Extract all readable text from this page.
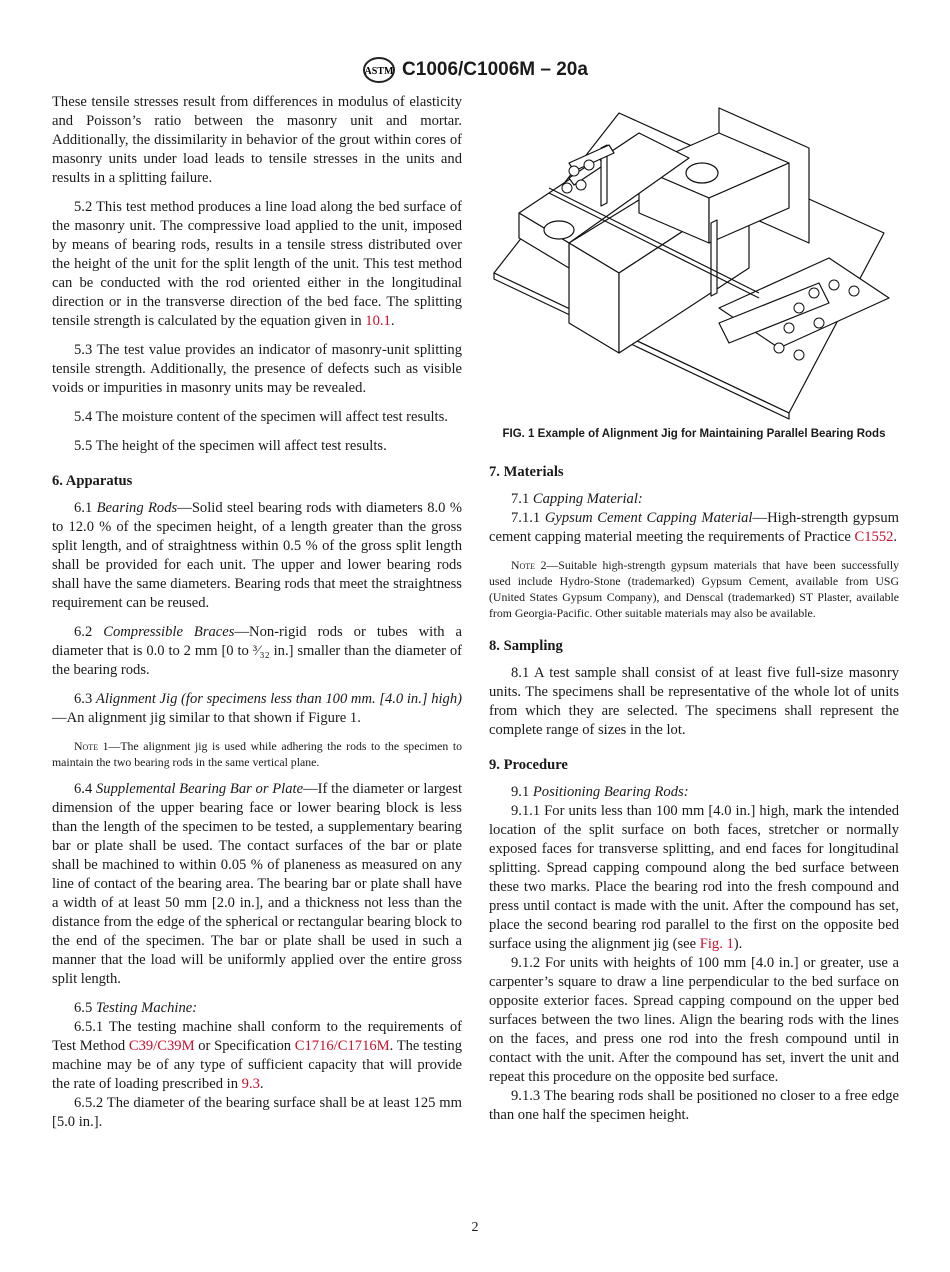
ASTM C1006/C1006M – 20a
These tensile stresses result from differences in modulus of elasticity and Poisson’s ratio between the masonry unit and mortar. Additionally, the dissimilarity in behavior of the grout within cores of masonry units under load leads to tensile stresses in the units and results in a splitting failure.
5.2 This test method produces a line load along the bed surface of the masonry unit. The compressive load applied to the unit, imposed by means of bearing rods, results in a tensile stress distributed over the height of the unit for the split length of the unit. This test method can be conducted with the rod oriented either in the longitudinal direction or in the transverse direction of the bed face. The splitting tensile strength is calculated by the equation given in 10.1.
5.3 The test value provides an indicator of masonry-unit splitting tensile strength. Additionally, the presence of defects such as visible voids or impurities in masonry units may be revealed.
5.4 The moisture content of the specimen will affect test results.
5.5 The height of the specimen will affect test results.
6. Apparatus
6.1 Bearing Rods—Solid steel bearing rods with diameters 8.0 % to 12.0 % of the specimen height, of a length greater than the gross split length, and of straightness within 0.5 % of the gross split length shall be provided for each unit. The upper and lower bearing rods shall have the same diameters. Bearing rods that meet the straightness requirement can be reused.
6.2 Compressible Braces—Non-rigid rods or tubes with a diameter that is 0.0 to 2 mm [0 to ³⁄₃₂ in.] smaller than the diameter of the bearing rods.
6.3 Alignment Jig (for specimens less than 100 mm. [4.0 in.] high)—An alignment jig similar to that shown if Figure 1.
Note 1—The alignment jig is used while adhering the rods to the specimen to maintain the two bearing rods in the same vertical plane.
6.4 Supplemental Bearing Bar or Plate—If the diameter or largest dimension of the upper bearing face or lower bearing block is less than the length of the specimen to be tested, a supplementary bearing bar or plate shall be used. The contact surfaces of the bar or plate shall be machined to within 0.05 % of planeness as measured on any line of contact of the bearing area. The bearing bar or plate shall have a width of at least 50 mm [2.0 in.], and a thickness not less than the distance from the edge of the spherical or rectangular bearing block to the end of the specimen. The bar or plate shall be used in such a manner that the load will be uniformly applied over the entire gross split length.
6.5 Testing Machine:
6.5.1 The testing machine shall conform to the requirements of Test Method C39/C39M or Specification C1716/C1716M. The testing machine may be of any type of sufficient capacity that will provide the rate of loading prescribed in 9.3.
6.5.2 The diameter of the bearing surface shall be at least 125 mm [5.0 in.].
FIG. 1 Example of Alignment Jig for Maintaining Parallel Bearing Rods
7. Materials
7.1 Capping Material:
7.1.1 Gypsum Cement Capping Material—High-strength gypsum cement capping material meeting the requirements of Practice C1552.
Note 2—Suitable high-strength gypsum materials that have been successfully used include Hydro-Stone (trademarked) Gypsum Cement, available from USG (United States Gypsum Company), and Denscal (trademarked) ST Plaster, available from Georgia-Pacific. Other suitable materials may also be available.
8. Sampling
8.1 A test sample shall consist of at least five full-size masonry units. The specimens shall be representative of the whole lot of units from which they are selected. The specimens shall represent the complete range of sizes in the lot.
9. Procedure
9.1 Positioning Bearing Rods:
9.1.1 For units less than 100 mm [4.0 in.] high, mark the intended location of the split surface on both faces, stretcher or normally exposed faces for transverse splitting, and end faces for longitudinal splitting. Spread capping compound along the bed surface between these two marks. Place the bearing rod into the fresh compound and press until contact is made with the unit. After the compound has set, place the second bearing rod parallel to the first on the opposite bed surface using the alignment jig (see Fig. 1).
9.1.2 For units with heights of 100 mm [4.0 in.] or greater, use a carpenter’s square to draw a line perpendicular to the bed surface on opposite exterior faces. Spread capping compound on the upper bed surfaces between the two lines. Align the bearing rods with the lines on the faces, and press one rod into the fresh compound until in contact with the unit. After the compound has set, invert the unit and repeat this procedure on the opposite bed surface.
9.1.3 The bearing rods shall be positioned no closer to a free edge than one half the specimen height.
2
